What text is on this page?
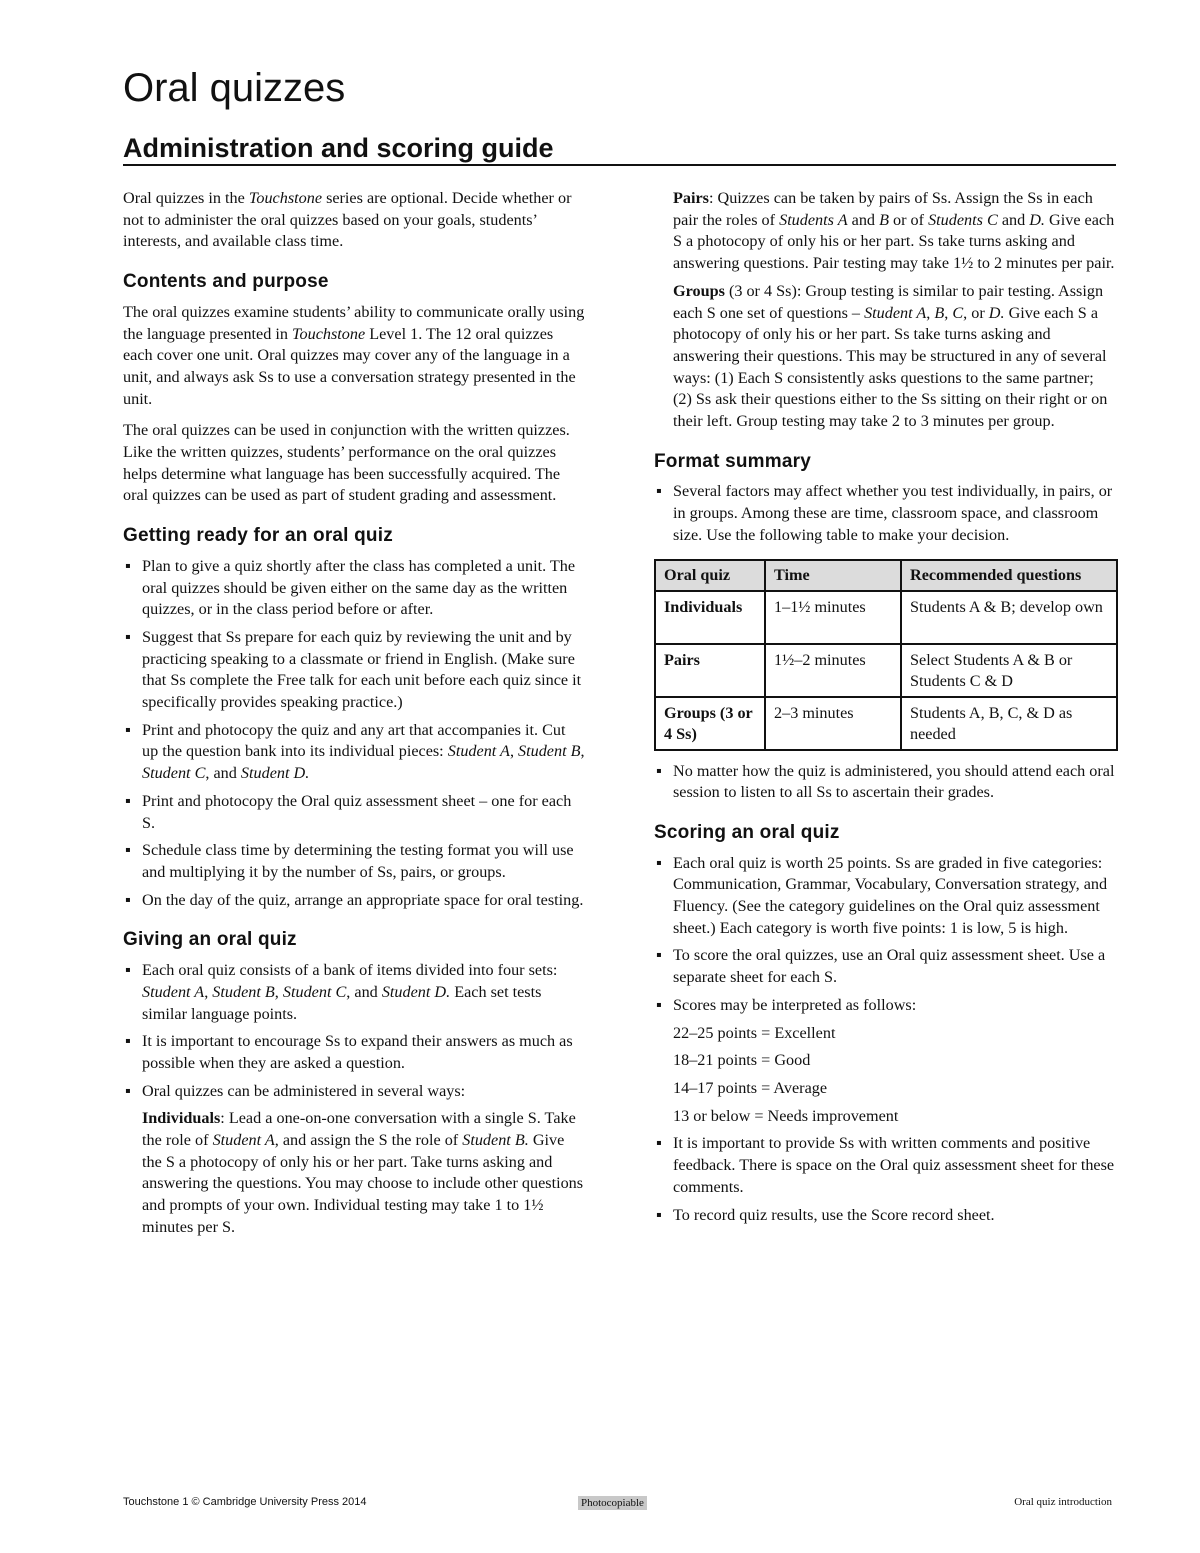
Oral quizzes
Administration and scoring guide

Oral quizzes in the Touchstone series are optional. Decide whether or not to administer the oral quizzes based on your goals, students’ interests, and available class time.

Contents and purpose

The oral quizzes examine students’ ability to communicate orally using the language presented in Touchstone Level 1. The 12 oral quizzes each cover one unit. Oral quizzes may cover any of the language in a unit, and always ask Ss to use a conversation strategy presented in the unit.

The oral quizzes can be used in conjunction with the written quizzes. Like the written quizzes, students’ performance on the oral quizzes helps determine what language has been successfully acquired. The oral quizzes can be used as part of student grading and assessment.

Getting ready for an oral quiz
▪ Plan to give a quiz shortly after the class has completed a unit. The oral quizzes should be given either on the same day as the written quizzes, or in the class period before or after.
▪ Suggest that Ss prepare for each quiz by reviewing the unit and by practicing speaking to a classmate or friend in English. (Make sure that Ss complete the Free talk for each unit before each quiz since it specifically provides speaking practice.)
▪ Print and photocopy the quiz and any art that accompanies it. Cut up the question bank into its individual pieces: Student A, Student B, Student C, and Student D.
▪ Print and photocopy the Oral quiz assessment sheet – one for each S.
▪ Schedule class time by determining the testing format you will use and multiplying it by the number of Ss, pairs, or groups.
▪ On the day of the quiz, arrange an appropriate space for oral testing.
Giving an oral quiz
▪ Each oral quiz consists of a bank of items divided into four sets: Student A, Student B, Student C, and Student D. Each set tests similar language points.
▪ It is important to encourage Ss to expand their answers as much as possible when they are asked a question.
▪ Oral quizzes can be administered in several ways:

Individuals: Lead a one-on-one conversation with a single S. Take the role of Student A, and assign the S the role of Student B. Give the S a photocopy of only his or her part. Take turns asking and answering the questions. You may choose to include other questions and prompts of your own. Individual testing may take 1 to 1½ minutes per S.

Pairs: Quizzes can be taken by pairs of Ss. Assign the Ss in each pair the roles of Students A and B or of Students C and D. Give each S a photocopy of only his or her part. Ss take turns asking and answering questions. Pair testing may take 1½ to 2 minutes per pair.

Groups (3 or 4 Ss): Group testing is similar to pair testing. Assign each S one set of questions – Student A, B, C, or D. Give each S a photocopy of only his or her part. Ss take turns asking and answering their questions. This may be structured in any of several ways: (1) Each S consistently asks questions to the same partner; (2) Ss ask their questions either to the Ss sitting on their right or on their left. Group testing may take 2 to 3 minutes per group.

Format summary
▪ Several factors may affect whether you test individually, in pairs, or in groups. Among these are time, classroom space, and classroom size. Use the following table to make your decision.
Oral quiz	Time	Recommended questions
Individuals	1–1½ minutes	Students A & B; develop own
Pairs	1½–2 minutes	Select Students A & B or Students C & D
Groups (3 or 4 Ss)	2–3 minutes	Students A, B, C, & D as needed
▪ No matter how the quiz is administered, you should attend each oral session to listen to all Ss to ascertain their grades.
Scoring an oral quiz
▪ Each oral quiz is worth 25 points. Ss are graded in five categories: Communication, Grammar, Vocabulary, Conversation strategy, and Fluency. (See the category guidelines on the Oral quiz assessment sheet.) Each category is worth five points: 1 is low, 5 is high.
▪ To score the oral quizzes, use an Oral quiz assessment sheet. Use a separate sheet for each S.
▪ Scores may be interpreted as follows:

22–25 points = Excellent

18–21 points = Good

14–17 points = Average

13 or below = Needs improvement

▪ It is important to provide Ss with written comments and positive feedback. There is space on the Oral quiz assessment sheet for these comments.
▪ To record quiz results, use the Score record sheet.
Touchstone 1 © Cambridge University Press 2014	Photocopiable	Oral quiz introduction
